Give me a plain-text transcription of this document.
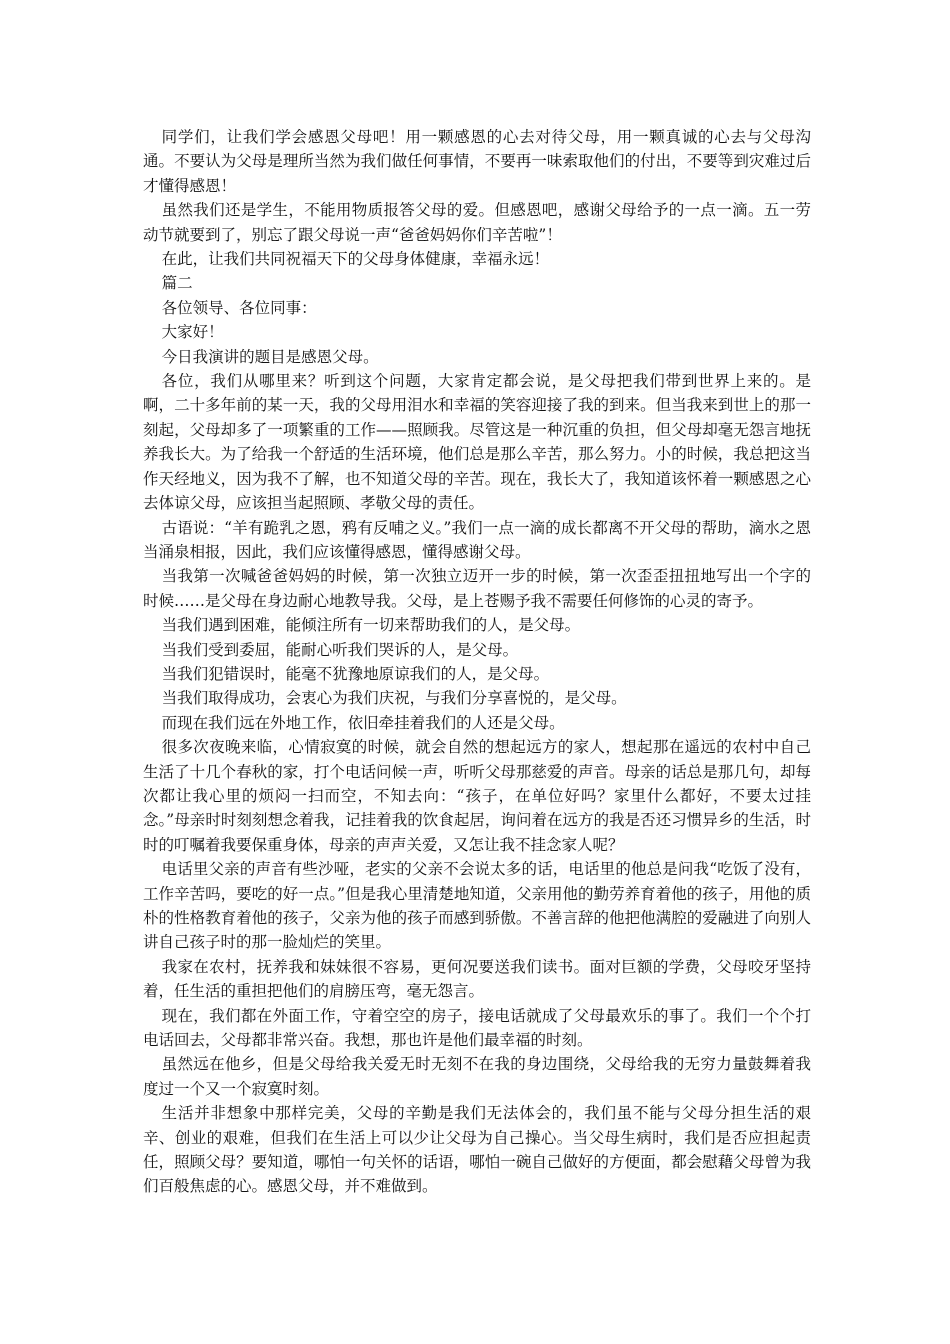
同学们，让我们学会感恩父母吧！用一颗感恩的心去对待父母，用一颗真诚的心去与父母沟通。不要认为父母是理所当然为我们做任何事情，不要再一味索取他们的付出，不要等到灾难过后才懂得感恩！

虽然我们还是学生，不能用物质报答父母的爱。但感恩吧，感谢父母给予的一点一滴。五一劳动节就要到了，别忘了跟父母说一声“爸爸妈妈你们辛苦啦”！

在此，让我们共同祝福天下的父母身体健康，幸福永远！

篇二

各位领导、各位同事：

大家好！

今日我演讲的题目是感恩父母。

各位，我们从哪里来？听到这个问题，大家肯定都会说，是父母把我们带到世界上来的。是啊，二十多年前的某一天，我的父母用泪水和幸福的笑容迎接了我的到来。但当我来到世上的那一刻起，父母却多了一项繁重的工作——照顾我。尽管这是一种沉重的负担，但父母却毫无怨言地抚养我长大。为了给我一个舒适的生活环境，他们总是那么辛苦，那么努力。小的时候，我总把这当作天经地义，因为我不了解，也不知道父母的辛苦。现在，我长大了，我知道该怀着一颗感恩之心去体谅父母，应该担当起照顾、孝敬父母的责任。

古语说：“羊有跪乳之恩，鸦有反哺之义。”我们一点一滴的成长都离不开父母的帮助，滴水之恩当涌泉相报，因此，我们应该懂得感恩，懂得感谢父母。

当我第一次喊爸爸妈妈的时候，第一次独立迈开一步的时候，第一次歪歪扭扭地写出一个字的时候……是父母在身边耐心地教导我。父母，是上苍赐予我不需要任何修饰的心灵的寄予。

当我们遇到困难，能倾注所有一切来帮助我们的人，是父母。

当我们受到委屈，能耐心听我们哭诉的人，是父母。

当我们犯错误时，能毫不犹豫地原谅我们的人，是父母。

当我们取得成功，会衷心为我们庆祝，与我们分享喜悦的，是父母。

而现在我们远在外地工作，依旧牵挂着我们的人还是父母。

很多次夜晚来临，心情寂寞的时候，就会自然的想起远方的家人，想起那在遥远的农村中自己生活了十几个春秋的家，打个电话问候一声，听听父母那慈爱的声音。母亲的话总是那几句，却每次都让我心里的烦闷一扫而空，不知去向：“孩子，在单位好吗？家里什么都好，不要太过挂念。”母亲时时刻刻想念着我，记挂着我的饮食起居，询问着在远方的我是否还习惯异乡的生活，时时的叮嘱着我要保重身体，母亲的声声关爱，又怎让我不挂念家人呢？

电话里父亲的声音有些沙哑，老实的父亲不会说太多的话，电话里的他总是问我“吃饭了没有，工作辛苦吗，要吃的好一点。”但是我心里清楚地知道，父亲用他的勤劳养育着他的孩子，用他的质朴的性格教育着他的孩子，父亲为他的孩子而感到骄傲。不善言辞的他把他满腔的爱融进了向别人讲自己孩子时的那一脸灿烂的笑里。

我家在农村，抚养我和妹妹很不容易，更何况要送我们读书。面对巨额的学费，父母咬牙坚持着，任生活的重担把他们的肩膀压弯，毫无怨言。

现在，我们都在外面工作，守着空空的房子，接电话就成了父母最欢乐的事了。我们一个个打电话回去，父母都非常兴奋。我想，那也许是他们最幸福的时刻。

虽然远在他乡，但是父母给我关爱无时无刻不在我的身边围绕，父母给我的无穷力量鼓舞着我度过一个又一个寂寞时刻。

生活并非想象中那样完美，父母的辛勤是我们无法体会的，我们虽不能与父母分担生活的艰辛、创业的艰难，但我们在生活上可以少让父母为自己操心。当父母生病时，我们是否应担起责任，照顾父母？要知道，哪怕一句关怀的话语，哪怕一碗自己做好的方便面，都会慰藉父母曾为我们百般焦虑的心。感恩父母，并不难做到。
